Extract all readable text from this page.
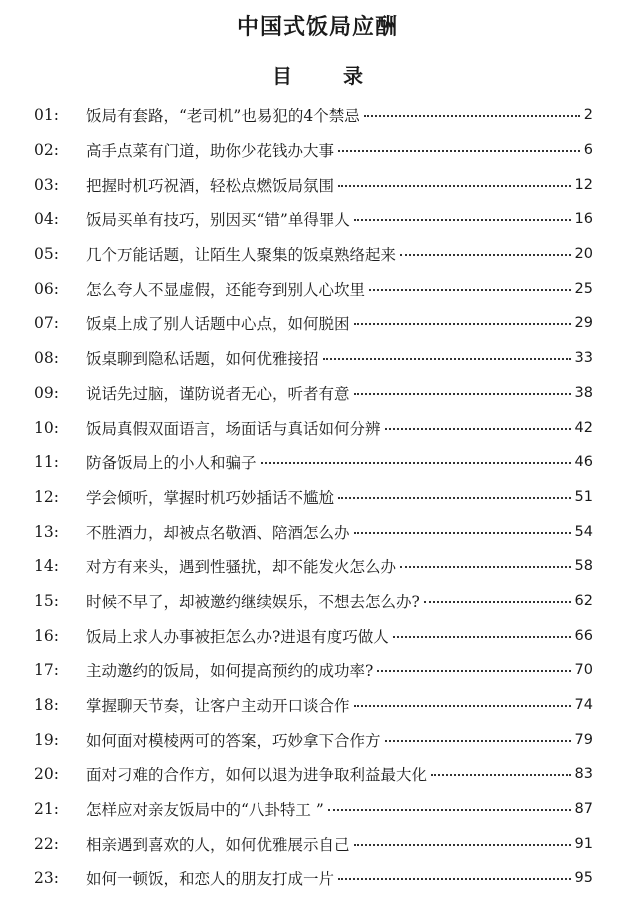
中国式饭局应酬
目 录
01:	饭局有套路，“老司机”也易犯的4个禁忌	2
02:	高手点菜有门道，助你少花钱办大事	6
03:	把握时机巧祝酒，轻松点燃饭局氛围	12
04:	饭局买单有技巧，别因买“错”单得罪人	16
05:	几个万能话题，让陌生人聚集的饭桌熟络起来	20
06:	怎么夸人不显虚假，还能夸到别人心坎里	25
07:	饭桌上成了别人话题中心点，如何脱困	29
08:	饭桌聊到隐私话题，如何优雅接招	33
09:	说话先过脑，谨防说者无心，听者有意	38
10:	饭局真假双面语言，场面话与真话如何分辨	42
11:	防备饭局上的小人和骗子	46
12:	学会倾听，掌握时机巧妙插话不尴尬	51
13:	不胜酒力，却被点名敬酒、陪酒怎么办	54
14:	对方有来头，遇到性骚扰，却不能发火怎么办	58
15:	时候不早了，却被邀约继续娱乐，不想去怎么办?	62
16:	饭局上求人办事被拒怎么办?进退有度巧做人	66
17:	主动邀约的饭局，如何提高预约的成功率?	70
18:	掌握聊天节奏，让客户主动开口谈合作	74
19:	如何面对模棱两可的答案，巧妙拿下合作方	79
20:	面对刁难的合作方，如何以退为进争取利益最大化	83
21:	怎样应对亲友饭局中的“八卦特工 ”	87
22:	相亲遇到喜欢的人，如何优雅展示自己	91
23:	如何一顿饭，和恋人的朋友打成一片	95
